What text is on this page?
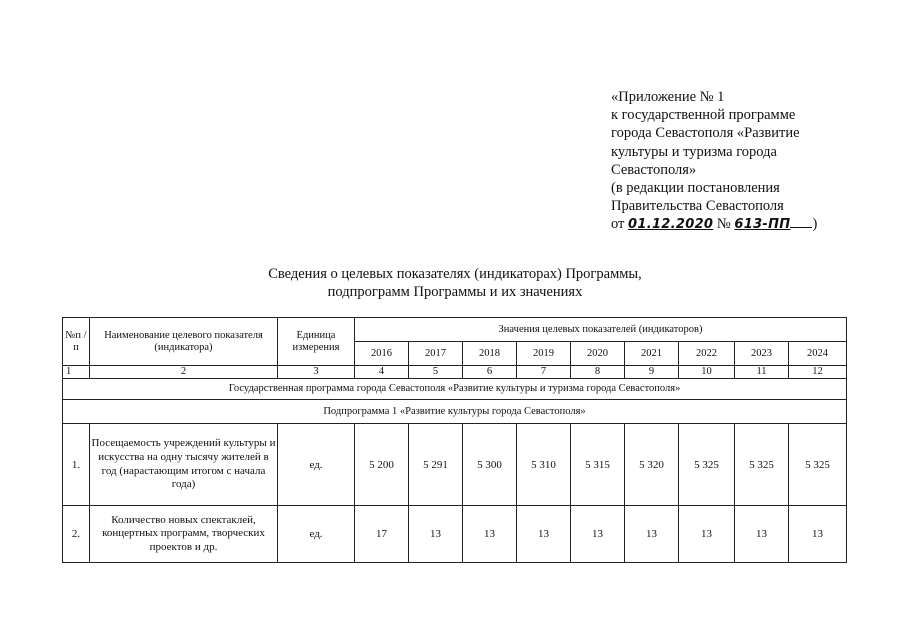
«Приложение № 1
к государственной программе
города Севастополя «Развитие
культуры и туризма города
Севастополя»
(в редакции постановления
Правительства Севастополя
от 01.12.2020 № 613-ПП )
Сведения о целевых показателях (индикаторах) Программы,
подпрограмм Программы и их значениях
№п /п	Наименование целевого показателя (индикатора)	Единица измерения	Значения целевых показателей (индикаторов)								
			2016	2017	2018	2019	2020	2021	2022	2023	2024
1	2	3	4	5	6	7	8	9	10	11	12
Государственная программа города Севастополя «Развитие культуры и туризма города Севастополя»											
Подпрограмма 1 «Развитие культуры города Севастополя»											
1.	Посещаемость учреждений культуры и искусства на одну тысячу жителей в год (нарастающим итогом с начала года)	ед.	5 200	5 291	5 300	5 310	5 315	5 320	5 325	5 325	5 325
2.	Количество новых спектаклей, концертных программ, творческих проектов и др.	ед.	17	13	13	13	13	13	13	13	13
